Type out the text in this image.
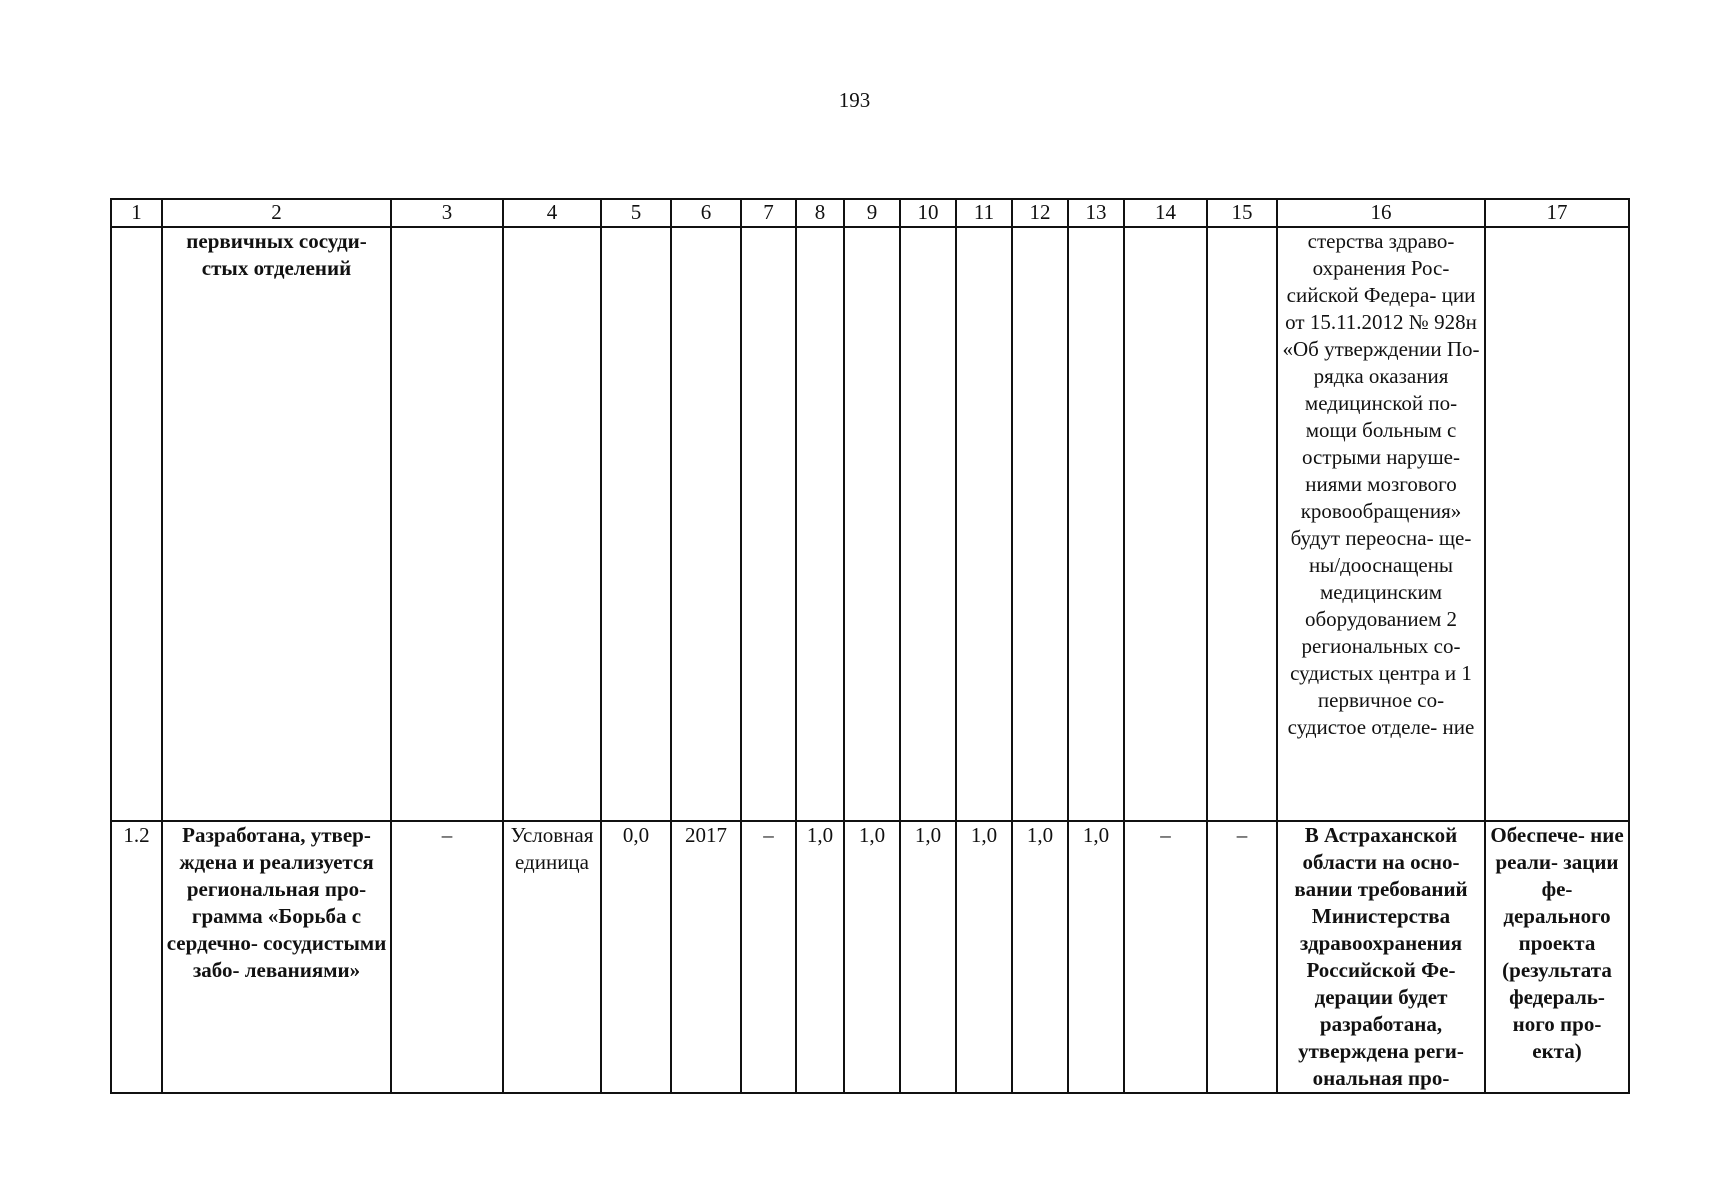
193
1	2	3	4	5	6	7	8	9	10	11	12	13	14	15	16	17
	первичных сосуди- стых отделений														стерства здраво- охранения Рос- сийской Федера- ции от 15.11.2012 № 928н «Об утверждении По- рядка оказания медицинской по- мощи больным с острыми наруше- ниями мозгового кровообращения» будут переосна- ще- ны/дооснащены медицинским оборудованием 2 региональных со- судистых центра и 1 первичное со- судистое отделе- ние	
1.2	Разработана, утвер- ждена и реализуется региональная про- грамма «Борьба с сердечно- сосудистыми забо- леваниями»	–	Условная единица	0,0	2017	–	1,0	1,0	1,0	1,0	1,0	1,0	–	–	В Астраханской области на осно- вании требований Министерства здравоохранения Российской Фе- дерации будет разработана, утверждена реги- ональная про-	Обеспече- ние реали- зации фе- дерального проекта (результата федераль- ного про- екта)
